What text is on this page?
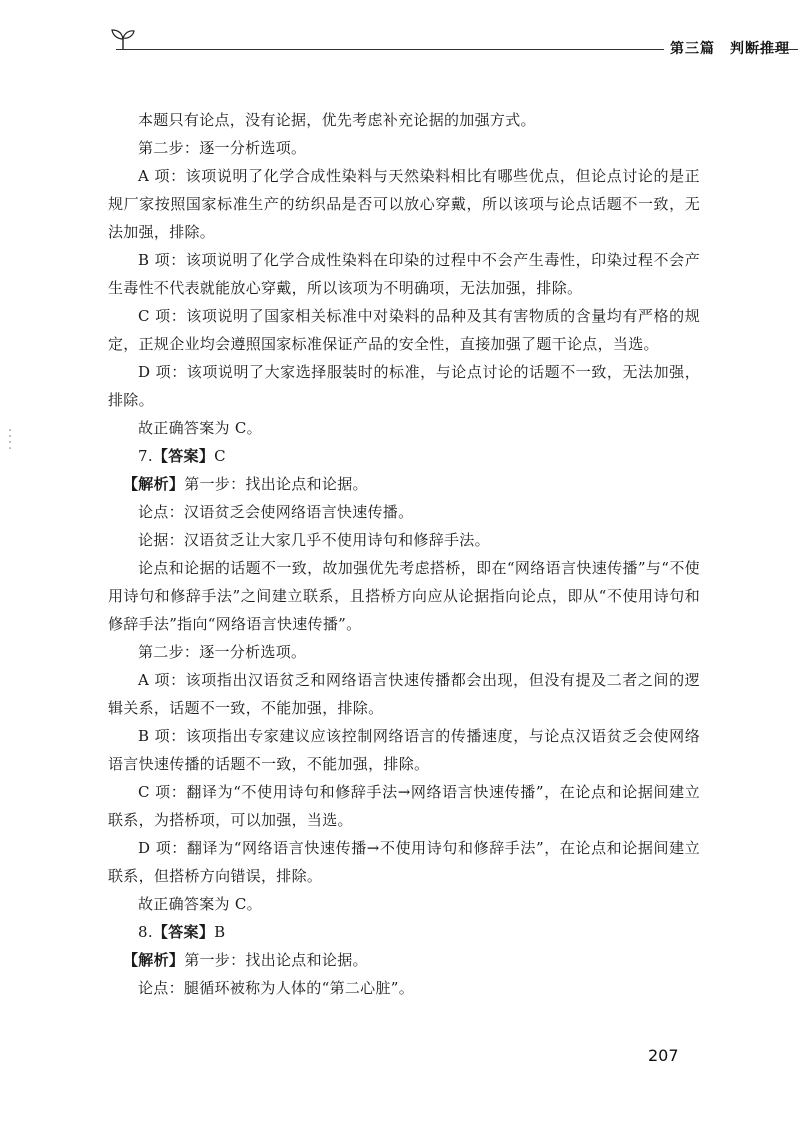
第三篇　判断推理

本题只有论点，没有论据，优先考虑补充论据的加强方式。

第二步：逐一分析选项。

A 项：该项说明了化学合成性染料与天然染料相比有哪些优点，但论点讨论的是正规厂家按照国家标准生产的纺织品是否可以放心穿戴，所以该项与论点话题不一致，无法加强，排除。

B 项：该项说明了化学合成性染料在印染的过程中不会产生毒性，印染过程不会产生毒性不代表就能放心穿戴，所以该项为不明确项，无法加强，排除。

C 项：该项说明了国家相关标准中对染料的品种及其有害物质的含量均有严格的规定，正规企业均会遵照国家标准保证产品的安全性，直接加强了题干论点，当选。

D 项：该项说明了大家选择服装时的标准，与论点讨论的话题不一致，无法加强，排除。

故正确答案为 C。

7.【答案】C

【解析】第一步：找出论点和论据。

论点：汉语贫乏会使网络语言快速传播。

论据：汉语贫乏让大家几乎不使用诗句和修辞手法。

论点和论据的话题不一致，故加强优先考虑搭桥，即在“网络语言快速传播”与“不使用诗句和修辞手法”之间建立联系，且搭桥方向应从论据指向论点，即从“不使用诗句和修辞手法”指向“网络语言快速传播”。

第二步：逐一分析选项。

A 项：该项指出汉语贫乏和网络语言快速传播都会出现，但没有提及二者之间的逻辑关系，话题不一致，不能加强，排除。

B 项：该项指出专家建议应该控制网络语言的传播速度，与论点汉语贫乏会使网络语言快速传播的话题不一致，不能加强，排除。

C 项：翻译为“不使用诗句和修辞手法→网络语言快速传播”，在论点和论据间建立联系，为搭桥项，可以加强，当选。

D 项：翻译为“网络语言快速传播→不使用诗句和修辞手法”，在论点和论据间建立联系，但搭桥方向错误，排除。

故正确答案为 C。

8.【答案】B

【解析】第一步：找出论点和论据。

论点：腿循环被称为人体的“第二心脏”。

207
